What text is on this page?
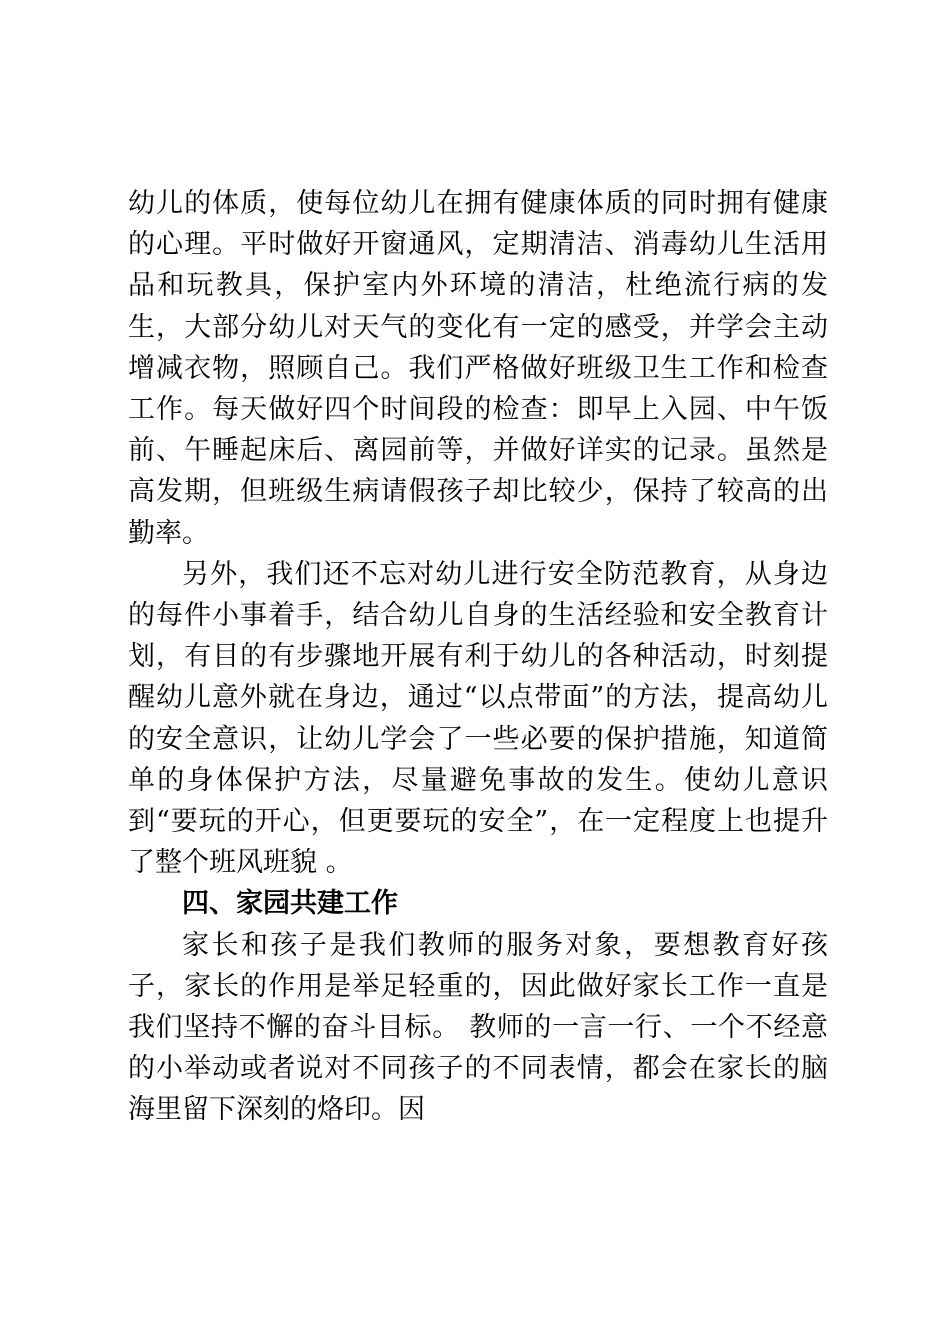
幼儿的体质，使每位幼儿在拥有健康体质的同时拥有健康的心理。平时做好开窗通风，定期清洁、消毒幼儿生活用品和玩教具，保护室内外环境的清洁，杜绝流行病的发生，大部分幼儿对天气的变化有一定的感受，并学会主动增减衣物，照顾自己。我们严格做好班级卫生工作和检查工作。每天做好四个时间段的检查：即早上入园、中午饭前、午睡起床后、离园前等，并做好详实的记录。虽然是高发期，但班级生病请假孩子却比较少，保持了较高的出勤率。

另外，我们还不忘对幼儿进行安全防范教育，从身边的每件小事着手，结合幼儿自身的生活经验和安全教育计划，有目的有步骤地开展有利于幼儿的各种活动，时刻提醒幼儿意外就在身边，通过“以点带面”的方法，提高幼儿的安全意识，让幼儿学会了一些必要的保护措施，知道简单的身体保护方法，尽量避免事故的发生。使幼儿意识到“要玩的开心，但更要玩的安全”，在一定程度上也提升了整个班风班貌 。

四、家园共建工作

家长和孩子是我们教师的服务对象，要想教育好孩子，家长的作用是举足轻重的，因此做好家长工作一直是我们坚持不懈的奋斗目标。 教师的一言一行、一个不经意的小举动或者说对不同孩子的不同表情，都会在家长的脑海里留下深刻的烙印。因
